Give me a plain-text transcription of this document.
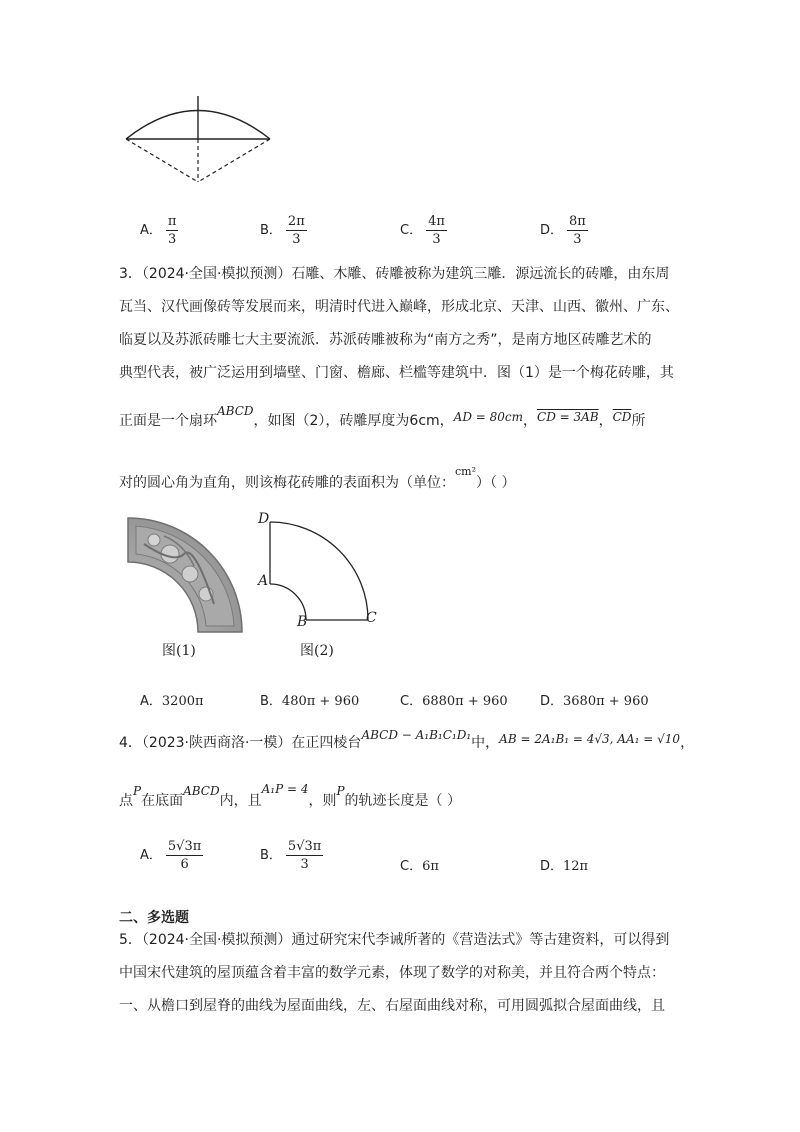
A． $\frac{\pi}{3}$	B． $\frac{2\pi}{3}$	C． $\frac{4\pi}{3}$	D． $\frac{8\pi}{3}$
3．（2024·全国·模拟预测）石雕、木雕、砖雕被称为建筑三雕．源远流长的砖雕，由东周
瓦当、汉代画像砖等发展而来，明清时代进入巅峰，形成北京、天津、山西、徽州、广东、
临夏以及苏派砖雕七大主要流派．苏派砖雕被称为“南方之秀”，是南方地区砖雕艺术的
典型代表，被广泛运用到墙壁、门窗、檐廊、栏槛等建筑中．图（1）是一个梅花砖雕，其
正面是一个扇环ABCD，如图（2），砖雕厚度为6cm，AD = 80cm，CD = 3AB，$\overline{CD}$所
对的圆心角为直角，则该梅花砖雕的表面积为（单位：$^{cm^2}$）（ ）
图(1)
D
A
B	C
图(2)
A．3200π	B．480π + 960	C．6880π + 960 D．3680π + 960
4．（2023·陕西商洛·一模）在正四棱台ABCD − A₁B₁C₁D₁中，AB = 2A₁B₁ = 4√3, AA₁ = √10，
点P在底面ABCD内，且A₁P = 4，则P的轨迹长度是（ ）
A． $\frac{5√3\pi}{6}$	B． $\frac{5√3\pi}{3}$	C．6π	D．12π
二、多选题
5．（2024·全国·模拟预测）通过研究宋代李诫所著的《营造法式》等古建资料，可以得到
中国宋代建筑的屋顶蕴含着丰富的数学元素，体现了数学的对称美，并且符合两个特点：
一、从檐口到屋脊的曲线为屋面曲线，左、右屋面曲线对称，可用圆弧拟合屋面曲线，且
